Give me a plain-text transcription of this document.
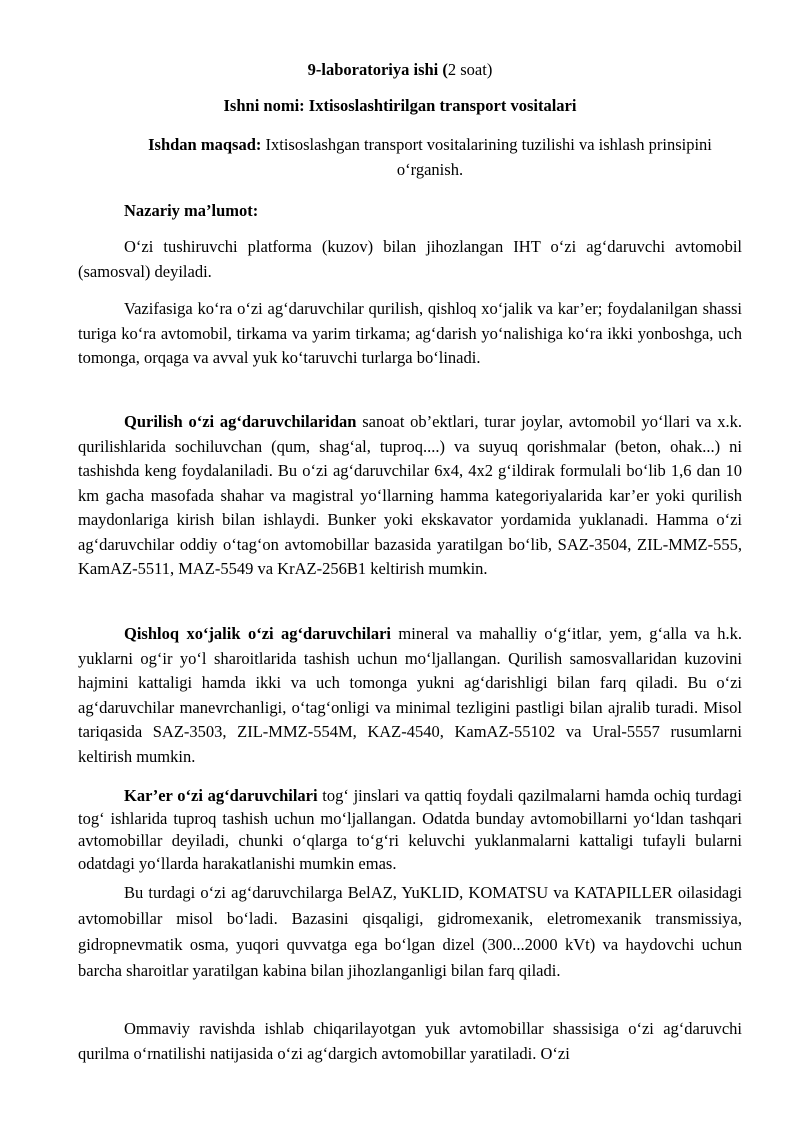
9-laboratoriya ishi (2 soat)
Ishni nomi: Ixtisoslashtirilgan transport vositalari
Ishdan maqsad: Ixtisoslashgan transport vositalarining tuzilishi va ishlash prinsipini o‘rganish.
Nazariy ma’lumot:

O‘zi tushiruvchi platforma (kuzov) bilan jihozlangan IHT o‘zi ag‘daruvchi avtomobil (samosval) deyiladi.

Vazifasiga ko‘ra o‘zi ag‘daruvchilar qurilish, qishloq xo‘jalik va kar’er; foydalanilgan shassi turiga ko‘ra avtomobil, tirkama va yarim tirkama; ag‘darish yo‘nalishiga ko‘ra ikki yonboshga, uch tomonga, orqaga va avval yuk ko‘taruvchi turlarga bo‘linadi.

Qurilish o‘zi ag‘daruvchilaridan sanoat ob’ektlari, turar joylar, avtomobil yo‘llari va x.k. qurilishlarida sochiluvchan (qum, shag‘al, tuproq....) va suyuq qorishmalar (beton, ohak...) ni tashishda keng foydalaniladi. Bu o‘zi ag‘daruvchilar 6x4, 4x2 g‘ildirak formulali bo‘lib 1,6 dan 10 km gacha masofada shahar va magistral yo‘llarning hamma kategoriyalarida kar’er yoki qurilish maydonlariga kirish bilan ishlaydi. Bunker yoki ekskavator yordamida yuklanadi. Hamma o‘zi ag‘daruvchilar oddiy o‘tag‘on avtomobillar bazasida yaratilgan bo‘lib, SAZ-3504, ZIL-MMZ-555, KamAZ-5511, MAZ-5549 va KrAZ-256B1 keltirish mumkin.

Qishloq xo‘jalik o‘zi ag‘daruvchilari mineral va mahalliy o‘g‘itlar, yem, g‘alla va h.k. yuklarni og‘ir yo‘l sharoitlarida tashish uchun mo‘ljallangan. Qurilish samosvallaridan kuzovini hajmini kattaligi hamda ikki va uch tomonga yukni ag‘darishligi bilan farq qiladi. Bu o‘zi ag‘daruvchilar manevrchanligi, o‘tag‘onligi va minimal tezligini pastligi bilan ajralib turadi. Misol tariqasida SAZ-3503, ZIL-MMZ-554M, KAZ-4540, KamAZ-55102 va Ural-5557 rusumlarni keltirish mumkin.

Kar’er o‘zi ag‘daruvchilari tog‘ jinslari va qattiq foydali qazilmalarni hamda ochiq turdagi tog‘ ishlarida tuproq tashish uchun mo‘ljallangan. Odatda bunday avtomobillarni yo‘ldan tashqari avtomobillar deyiladi, chunki o‘qlarga to‘g‘ri keluvchi yuklanmalarni kattaligi tufayli bularni odatdagi yo‘llarda harakatlanishi mumkin emas.

Bu turdagi o‘zi ag‘daruvchilarga BelAZ, YuKLID, KOMATSU va KATAPILLER oilasidagi avtomobillar misol bo‘ladi. Bazasini qisqaligi, gidromexanik, eletromexanik transmissiya, gidropnevmatik osma, yuqori quvvatga ega bo‘lgan dizel (300...2000 kVt) va haydovchi uchun barcha sharoitlar yaratilgan kabina bilan jihozlanganligi bilan farq qiladi.

Ommaviy ravishda ishlab chiqarilayotgan yuk avtomobillar shassisiga o‘zi ag‘daruvchi qurilma o‘rnatilishi natijasida o‘zi ag‘dargich avtomobillar yaratiladi. O‘zi
